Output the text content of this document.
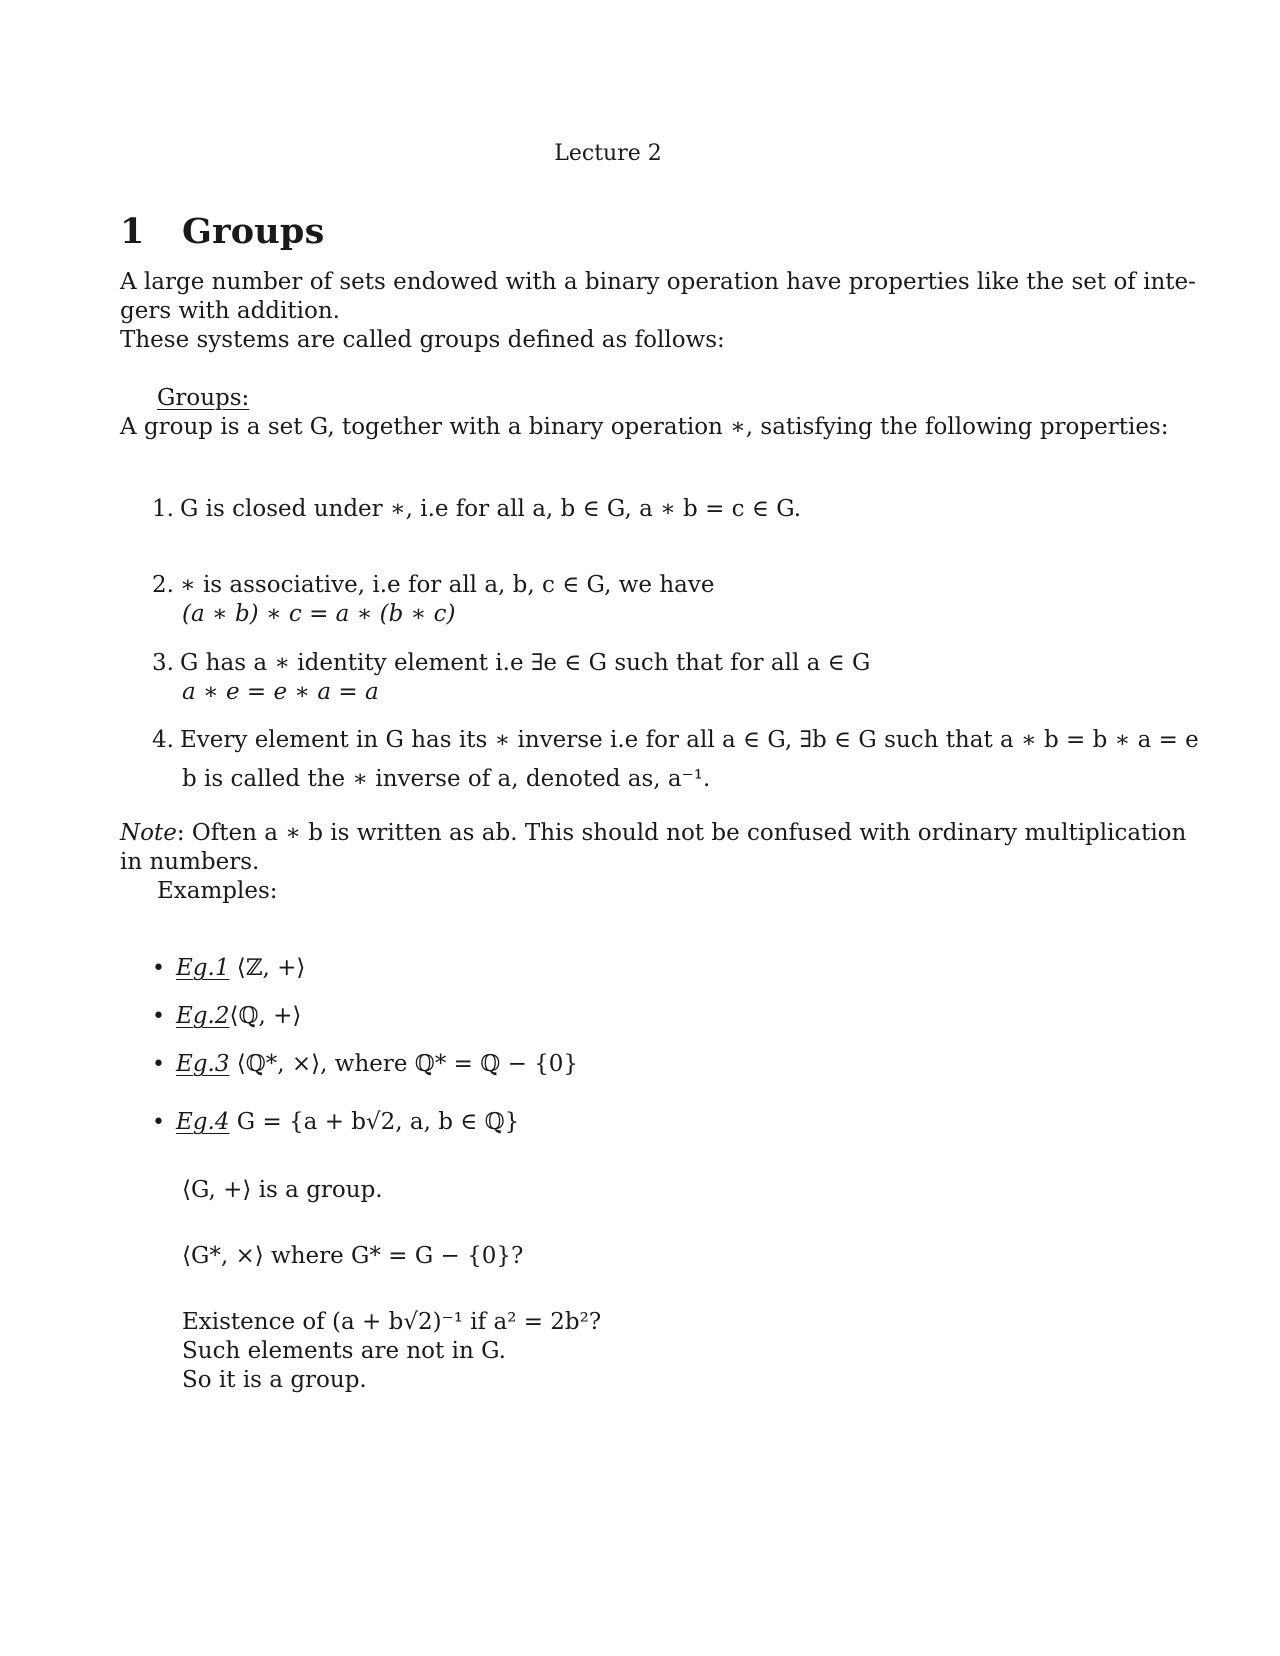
Lecture 2
1 Groups
A large number of sets endowed with a binary operation have properties like the set of inte-
gers with addition.
These systems are called groups defined as follows:
Groups:
A group is a set G, together with a binary operation ∗, satisfying the following properties:
1. G is closed under ∗, i.e for all a, b ∈ G, a ∗ b = c ∈ G.
2. ∗ is associative, i.e for all a, b, c ∈ G, we have
(a ∗ b) ∗ c = a ∗ (b ∗ c)
3. G has a ∗ identity element i.e ∃e ∈ G such that for all a ∈ G
a ∗ e = e ∗ a = a
4. Every element in G has its ∗ inverse i.e for all a ∈ G, ∃b ∈ G such that a ∗ b = b ∗ a = e
b is called the ∗ inverse of a, denoted as, a⁻¹.
Note: Often a ∗ b is written as ab. This should not be confused with ordinary multiplication
in numbers.
Examples:
• Eg.1 ⟨ℤ, +⟩
• Eg.2⟨ℚ, +⟩
• Eg.3 ⟨ℚ*, ×⟩, where ℚ* = ℚ − {0}
• Eg.4 G = {a + b√2, a, b ∈ ℚ}
⟨G, +⟩ is a group.
⟨G*, ×⟩ where G* = G − {0}?
Existence of (a + b√2)⁻¹ if a² = 2b²?
Such elements are not in G.
So it is a group.
